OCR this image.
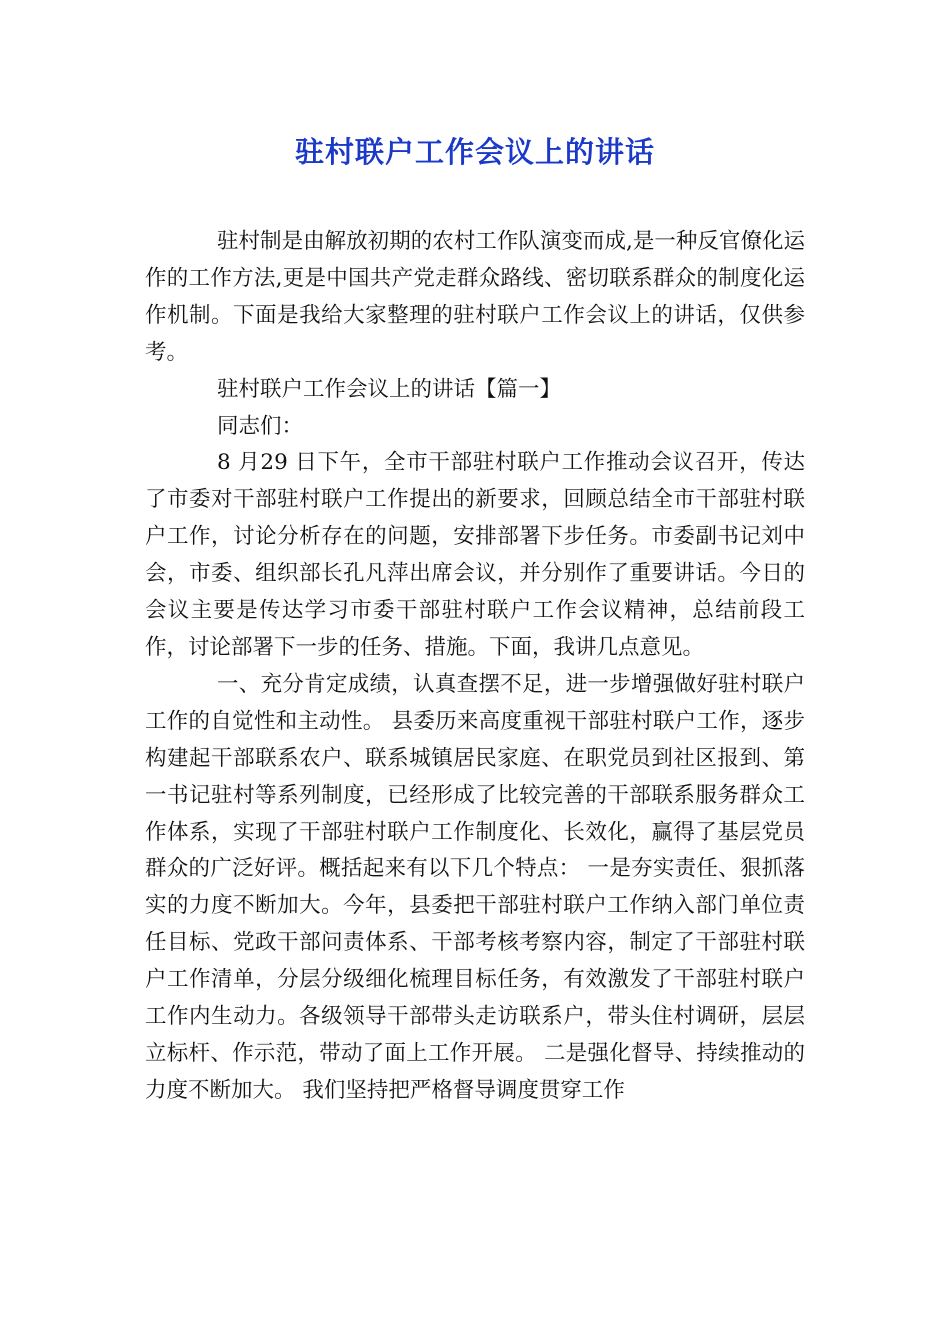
驻村联户工作会议上的讲话

驻村制是由解放初期的农村工作队演变而成,是一种反官僚化运作的工作方法,更是中国共产党走群众路线、密切联系群众的制度化运作机制。下面是我给大家整理的驻村联户工作会议上的讲话，仅供参考。

驻村联户工作会议上的讲话【篇一】

同志们：

8 月29 日下午，全市干部驻村联户工作推动会议召开，传达了市委对干部驻村联户工作提出的新要求，回顾总结全市干部驻村联户工作，讨论分析存在的问题，安排部署下步任务。市委副书记刘中会，市委、组织部长孔凡萍出席会议，并分别作了重要讲话。今日的会议主要是传达学习市委干部驻村联户工作会议精神，总结前段工作，讨论部署下一步的任务、措施。下面，我讲几点意见。

一、充分肯定成绩，认真查摆不足，进一步增强做好驻村联户工作的自觉性和主动性。 县委历来高度重视干部驻村联户工作，逐步构建起干部联系农户、联系城镇居民家庭、在职党员到社区报到、第一书记驻村等系列制度，已经形成了比较完善的干部联系服务群众工作体系，实现了干部驻村联户工作制度化、长效化，赢得了基层党员群众的广泛好评。概括起来有以下几个特点： 一是夯实责任、狠抓落实的力度不断加大。今年，县委把干部驻村联户工作纳入部门单位责任目标、党政干部问责体系、干部考核考察内容，制定了干部驻村联户工作清单，分层分级细化梳理目标任务，有效激发了干部驻村联户工作内生动力。各级领导干部带头走访联系户，带头住村调研，层层立标杆、作示范，带动了面上工作开展。 二是强化督导、持续推动的力度不断加大。 我们坚持把严格督导调度贯穿工作
